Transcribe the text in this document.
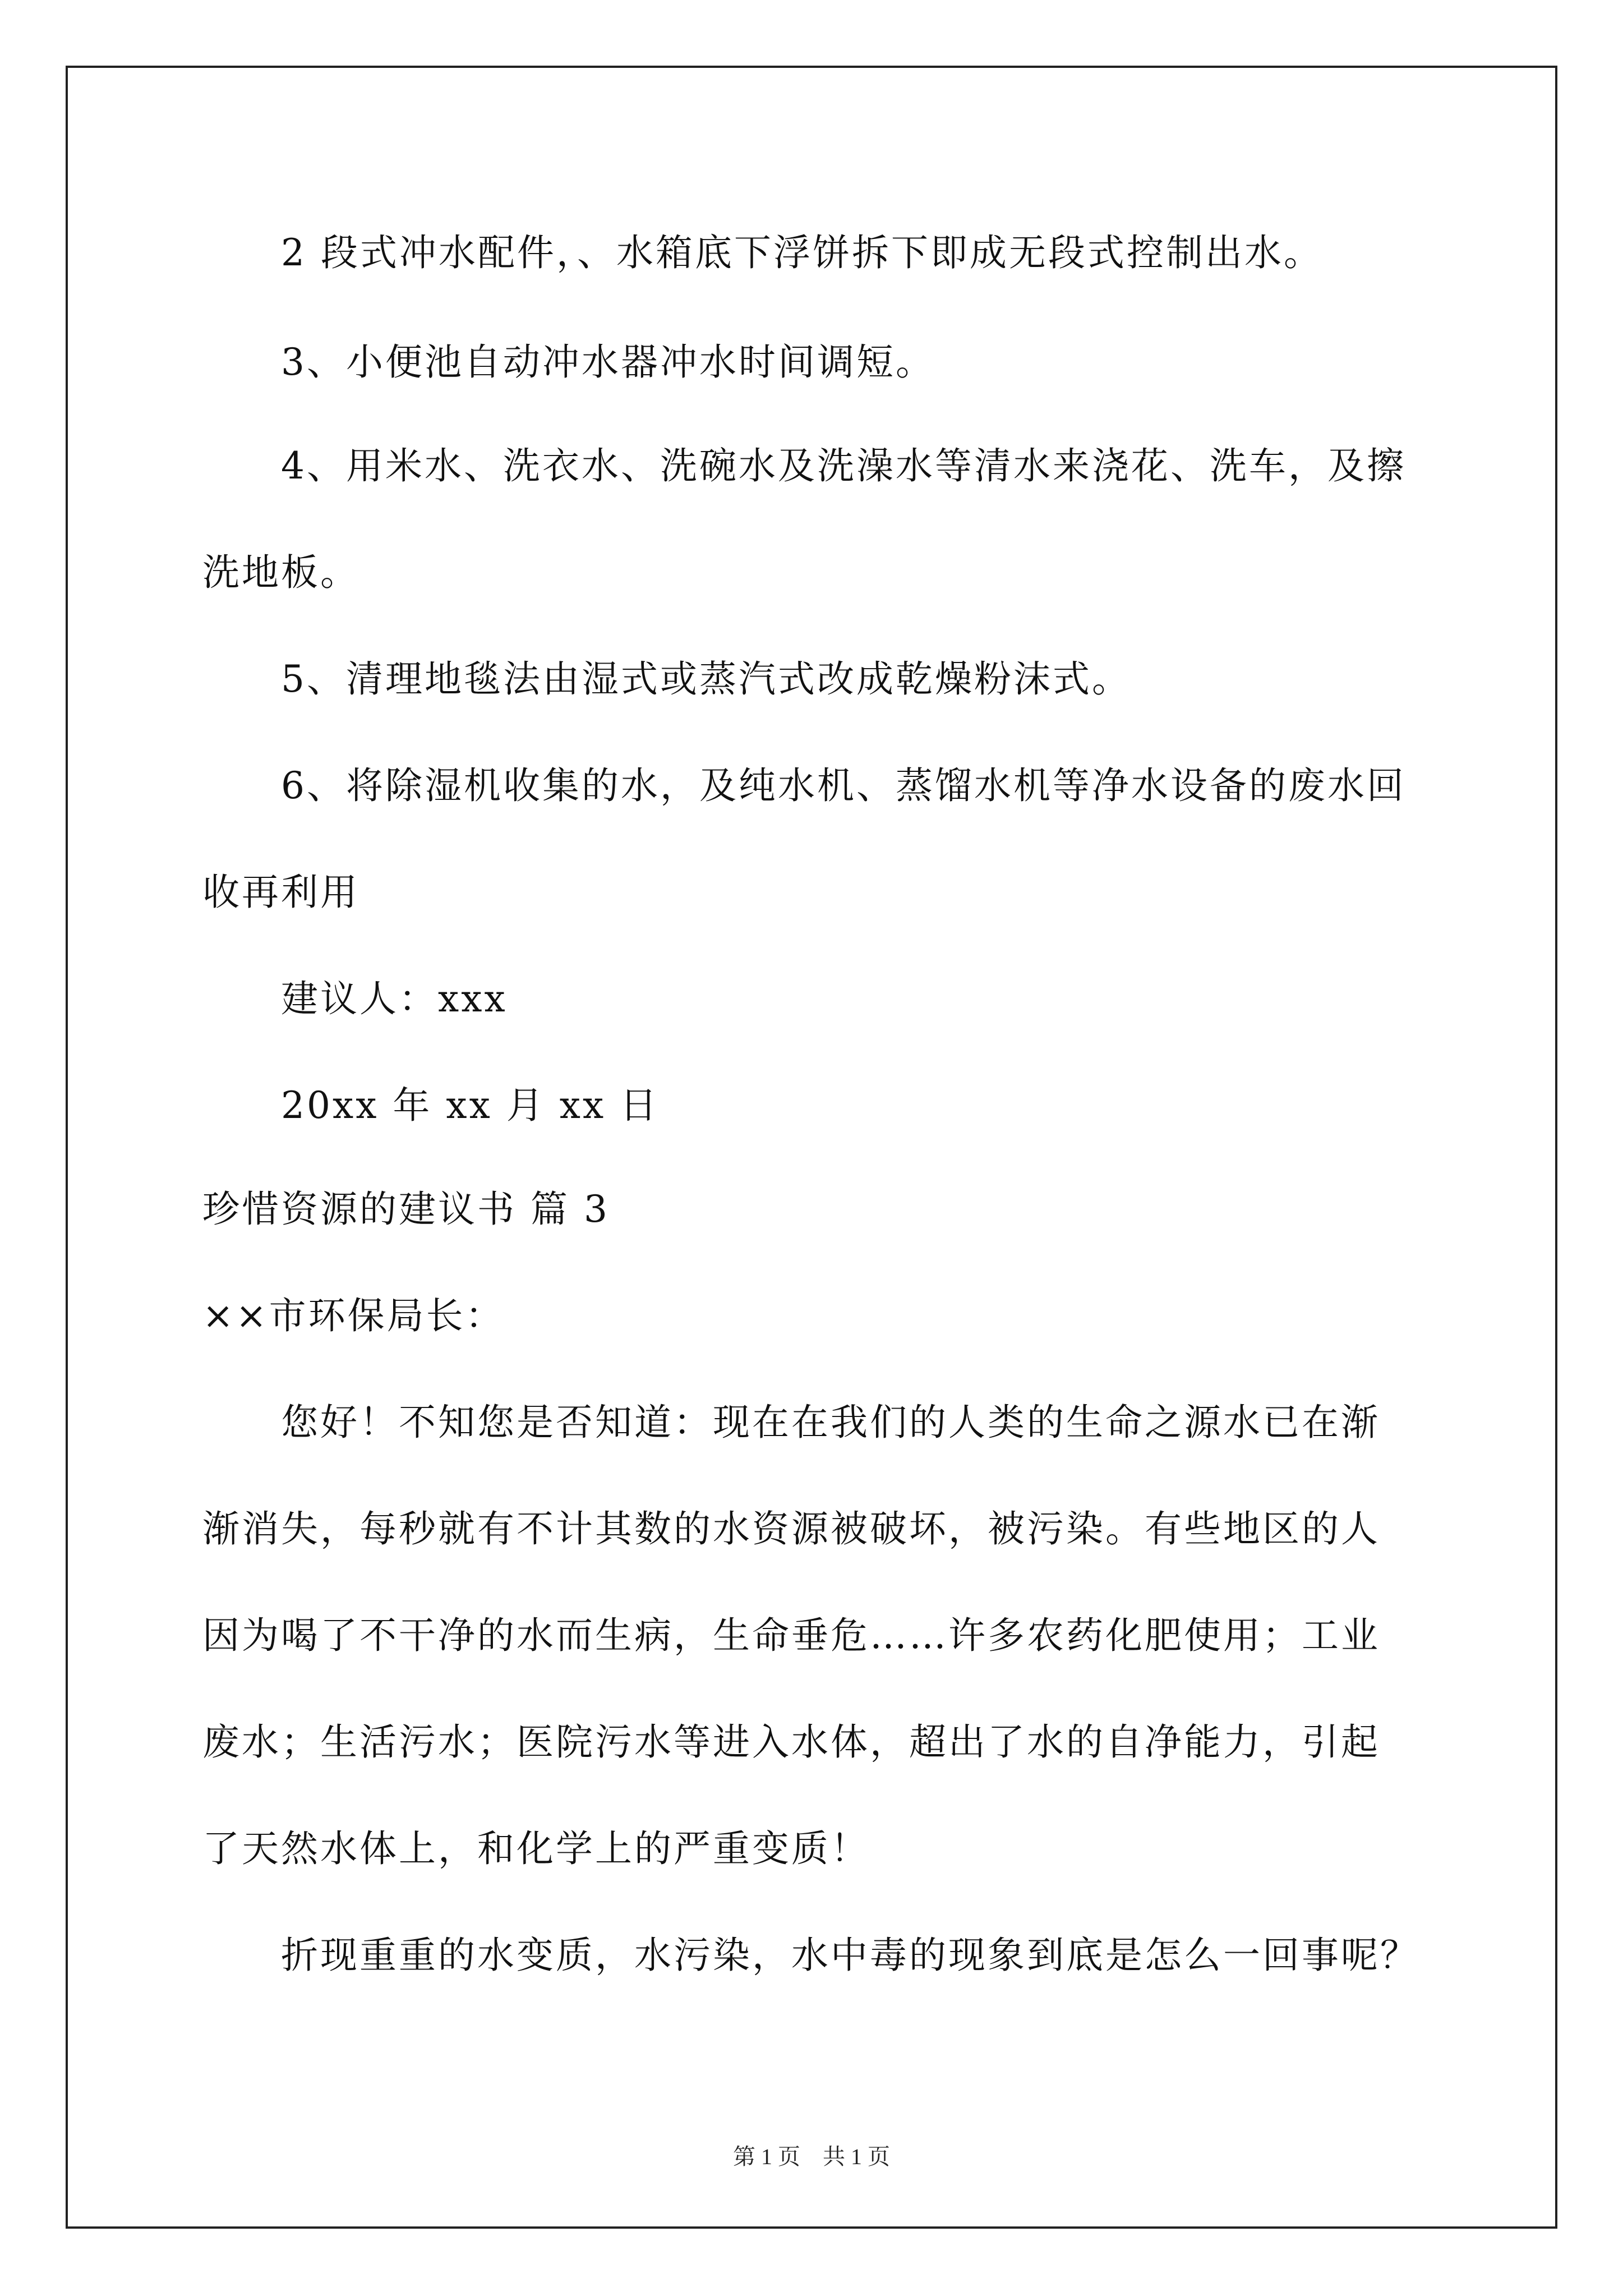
2 段式冲水配件，、水箱底下浮饼拆下即成无段式控制出水。
3、小便池自动冲水器冲水时间调短。
4、用米水、洗衣水、洗碗水及洗澡水等清水来浇花、洗车，及擦
洗地板。
5、清理地毯法由湿式或蒸汽式改成乾燥粉沫式。
6、将除湿机收集的水，及纯水机、蒸馏水机等净水设备的废水回
收再利用
建议人：xxx
20xx 年 xx 月 xx 日
珍惜资源的建议书 篇 3
××市环保局长：
您好！不知您是否知道：现在在我们的人类的生命之源水已在渐
渐消失，每秒就有不计其数的水资源被破坏，被污染。有些地区的人
因为喝了不干净的水而生病，生命垂危……许多农药化肥使用；工业
废水；生活污水；医院污水等进入水体，超出了水的自净能力，引起
了天然水体上，和化学上的严重变质！
折现重重的水变质，水污染，水中毒的现象到底是怎么一回事呢？
第 1 页 共 1 页
